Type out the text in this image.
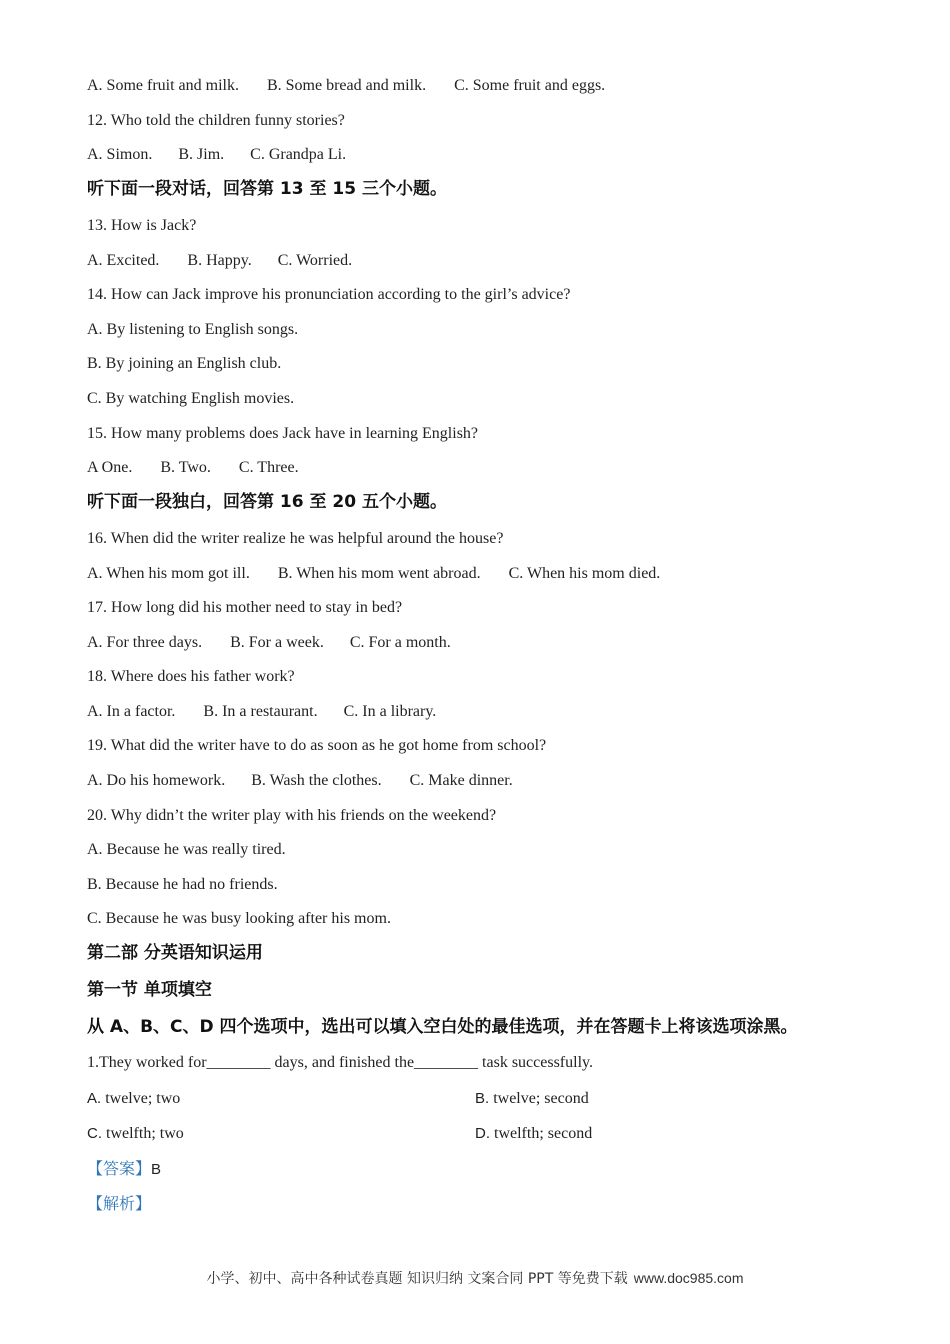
A. Some fruit and milk. B. Some bread and milk. C. Some fruit and eggs.
12. Who told the children funny stories?
A. Simon. B. Jim. C. Grandpa Li.
听下面一段对话，回答第 13 至 15 三个小题。
13. How is Jack?
A. Excited. B. Happy. C. Worried.
14. How can Jack improve his pronunciation according to the girl’s advice?
A. By listening to English songs.
B. By joining an English club.
C. By watching English movies.
15. How many problems does Jack have in learning English?
A One. B. Two. C. Three.
听下面一段独白，回答第 16 至 20 五个小题。
16. When did the writer realize he was helpful around the house?
A. When his mom got ill. B. When his mom went abroad. C. When his mom died.
17. How long did his mother need to stay in bed?
A. For three days. B. For a week. C. For a month.
18. Where does his father work?
A. In a factor. B. In a restaurant. C. In a library.
19. What did the writer have to do as soon as he got home from school?
A. Do his homework. B. Wash the clothes. C. Make dinner.
20. Why didn’t the writer play with his friends on the weekend?
A. Because he was really tired.
B. Because he had no friends.
C. Because he was busy looking after his mom.
第二部 分英语知识运用
第一节 单项填空
从 A、B、C、D 四个选项中，选出可以填入空白处的最佳选项，并在答题卡上将该选项涂黑。
1.They worked for________ days, and finished the________ task successfully.
A. twelve; two	B. twelve; second
C. twelfth; two	D. twelfth; second
【答案】B
【解析】
小学、初中、高中各种试卷真题 知识归纳 文案合同 PPT 等免费下载 www.doc985.com
